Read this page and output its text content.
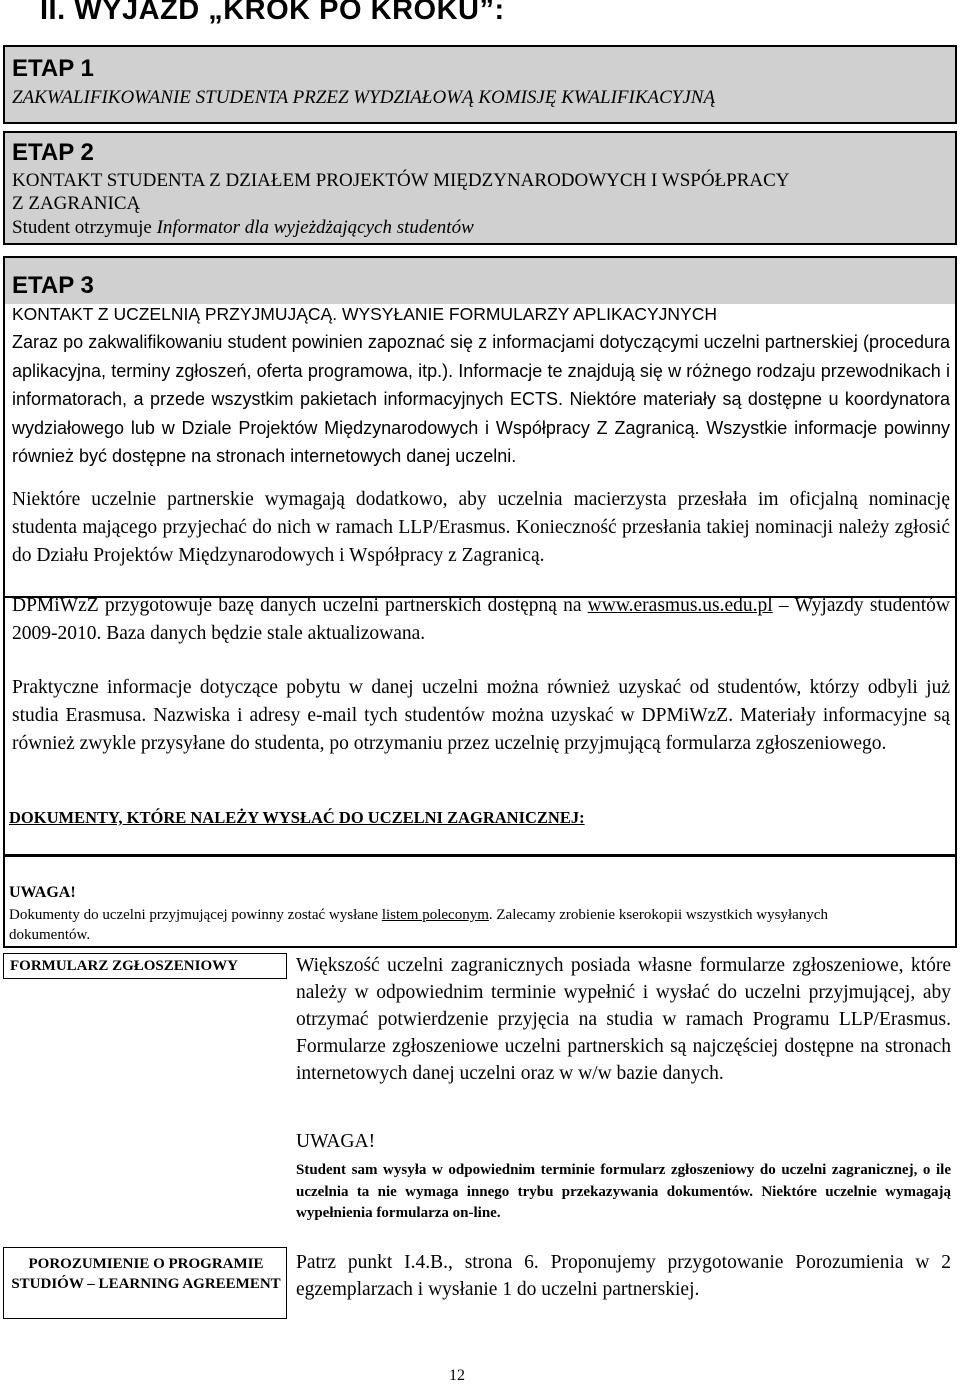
II. WYJAZD „KROK PO KROKU”:
ETAP 1
ZAKWALIFIKOWANIE STUDENTA PRZEZ WYDZIAŁOWĄ KOMISJĘ KWALIFIKACYJNĄ
ETAP 2
KONTAKT STUDENTA Z DZIAŁEM PROJEKTÓW MIĘDZYNARODOWYCH I WSPÓŁPRACY
Z ZAGRANICĄ
Student otrzymuje Informator dla wyjeżdżających studentów
ETAP 3
KONTAKT Z UCZELNIĄ PRZYJMUJĄCĄ. WYSYŁANIE FORMULARZY APLIKACYJNYCH
Zaraz po zakwalifikowaniu student powinien zapoznać się z informacjami dotyczącymi uczelni partnerskiej (procedura aplikacyjna, terminy zgłoszeń, oferta programowa, itp.). Informacje te znajdują się w różnego rodzaju przewodnikach i informatorach, a przede wszystkim pakietach informacyjnych ECTS. Niektóre materiały są dostępne u koordynatora wydziałowego lub w Dziale Projektów Międzynarodowych i Współpracy Z Zagranicą. Wszystkie informacje powinny również być dostępne na stronach internetowych danej uczelni.
Niektóre uczelnie partnerskie wymagają dodatkowo, aby uczelnia macierzysta przesłała im oficjalną nominację studenta mającego przyjechać do nich w ramach LLP/Erasmus. Konieczność przesłania takiej nominacji należy zgłosić do Działu Projektów Międzynarodowych i Współpracy z Zagranicą.
DPMiWzZ przygotowuje bazę danych uczelni partnerskich dostępną na www.erasmus.us.edu.pl – Wyjazdy studentów 2009-2010. Baza danych będzie stale aktualizowana.
Praktyczne informacje dotyczące pobytu w danej uczelni można również uzyskać od studentów, którzy odbyli już studia Erasmusa. Nazwiska i adresy e-mail tych studentów można uzyskać w DPMiWzZ. Materiały informacyjne są również zwykle przysyłane do studenta, po otrzymaniu przez uczelnię przyjmującą formularza zgłoszeniowego.
DOKUMENTY, KTÓRE NALEŻY WYSŁAĆ DO UCZELNI ZAGRANICZNEJ:
UWAGA!
Dokumenty do uczelni przyjmującej powinny zostać wysłane listem poleconym. Zalecamy zrobienie kserokopii wszystkich wysyłanych dokumentów.
FORMULARZ ZGŁOSZENIOWY	Większość uczelni zagranicznych posiada własne formularze zgłoszeniowe, które należy w odpowiednim terminie wypełnić i wysłać do uczelni przyjmującej, aby otrzymać potwierdzenie przyjęcia na studia w ramach Programu LLP/Erasmus. Formularze zgłoszeniowe uczelni partnerskich są najczęściej dostępne na stronach internetowych danej uczelni oraz w w/w bazie danych.
UWAGA!
Student sam wysyła w odpowiednim terminie formularz zgłoszeniowy do uczelni zagranicznej, o ile uczelnia ta nie wymaga innego trybu przekazywania dokumentów. Niektóre uczelnie wymagają wypełnienia formularza on-line.
POROZUMIENIE O PROGRAMIE STUDIÓW – LEARNING AGREEMENT
Patrz punkt I.4.B., strona 6. Proponujemy przygotowanie Porozumienia w 2 egzemplarzach i wysłanie 1 do uczelni partnerskiej.
12
